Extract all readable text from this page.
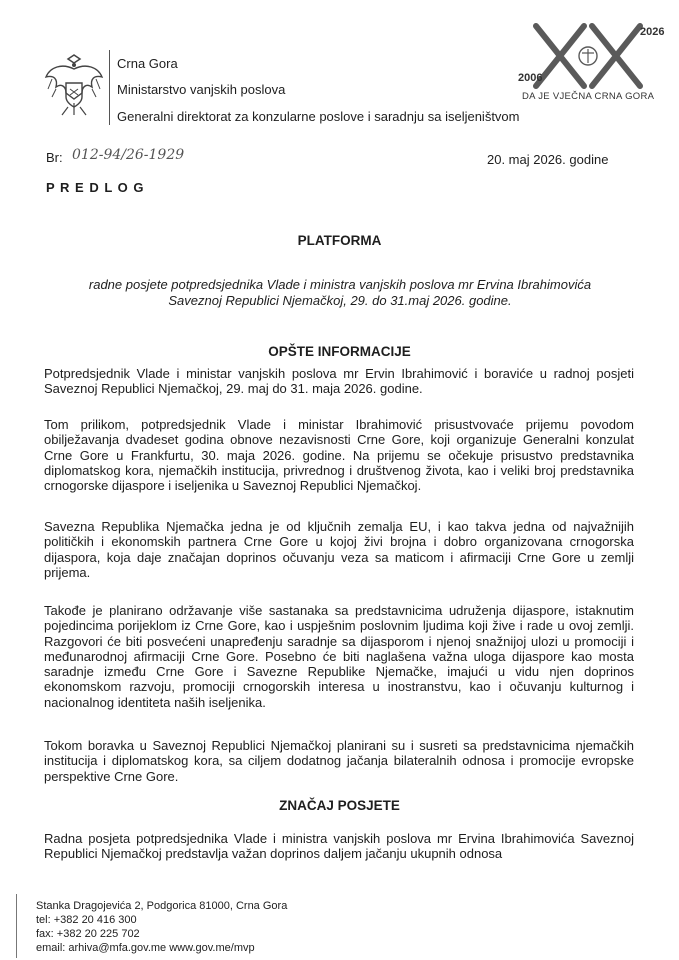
Crna Gora
Ministarstvo vanjskih poslova
Generalni direktorat za konzularne poslove i saradnju sa iseljeništvom
2006
2026
DA JE VJEČNA CRNA GORA
Br: 012-94/26-1929	20. maj 2026. godine
P R E D L O G
PLATFORMA
radne posjete potpredsjednika Vlade i ministra vanjskih poslova mr Ervina Ibrahimovića
Saveznoj Republici Njemačkoj, 29. do 31.maj 2026. godine.
OPŠTE INFORMACIJE
Potpredsjednik Vlade i ministar vanjskih poslova mr Ervin Ibrahimović i boraviće u radnoj posjeti Saveznoj Republici Njemačkoj, 29. maj do 31. maja 2026. godine.
Tom prilikom, potpredsjednik Vlade i ministar Ibrahimović prisustvovaće prijemu povodom obilježavanja dvadeset godina obnove nezavisnosti Crne Gore, koji organizuje Generalni konzulat Crne Gore u Frankfurtu, 30. maja 2026. godine. Na prijemu se očekuje prisustvo predstavnika diplomatskog kora, njemačkih institucija, privrednog i društvenog života, kao i veliki broj predstavnika crnogorske dijaspore i iseljenika u Saveznoj Republici Njemačkoj.
Savezna Republika Njemačka jedna je od ključnih zemalja EU, i kao takva jedna od najvažnijih političkih i ekonomskih partnera Crne Gore u kojoj živi brojna i dobro organizovana crnogorska dijaspora, koja daje značajan doprinos očuvanju veza sa maticom i afirmaciji Crne Gore u zemlji prijema.
Takođe je planirano održavanje više sastanaka sa predstavnicima udruženja dijaspore, istaknutim pojedincima porijeklom iz Crne Gore, kao i uspješnim poslovnim ljudima koji žive i rade u ovoj zemlji. Razgovori će biti posvećeni unapređenju saradnje sa dijasporom i njenoj snažnijoj ulozi u promociji i međunarodnoj afirmaciji Crne Gore. Posebno će biti naglašena važna uloga dijaspore kao mosta saradnje između Crne Gore i Savezne Republike Njemačke, imajući u vidu njen doprinos ekonomskom razvoju, promociji crnogorskih interesa u inostranstvu, kao i očuvanju kulturnog i nacionalnog identiteta naših iseljenika.
Tokom boravka u Saveznoj Republici Njemačkoj planirani su i susreti sa predstavnicima njemačkih institucija i diplomatskog kora, sa ciljem dodatnog jačanja bilateralnih odnosa i promocije evropske perspektive Crne Gore.
ZNAČAJ POSJETE
Radna posjeta potpredsjednika Vlade i ministra vanjskih poslova mr Ervina Ibrahimovića Saveznoj Republici Njemačkoj predstavlja važan doprinos daljem jačanju ukupnih odnosa
Stanka Dragojevića 2, Podgorica 81000, Crna Gora
tel: +382 20 416 300
fax: +382 20 225 702
email: arhiva@mfa.gov.me www.gov.me/mvp
